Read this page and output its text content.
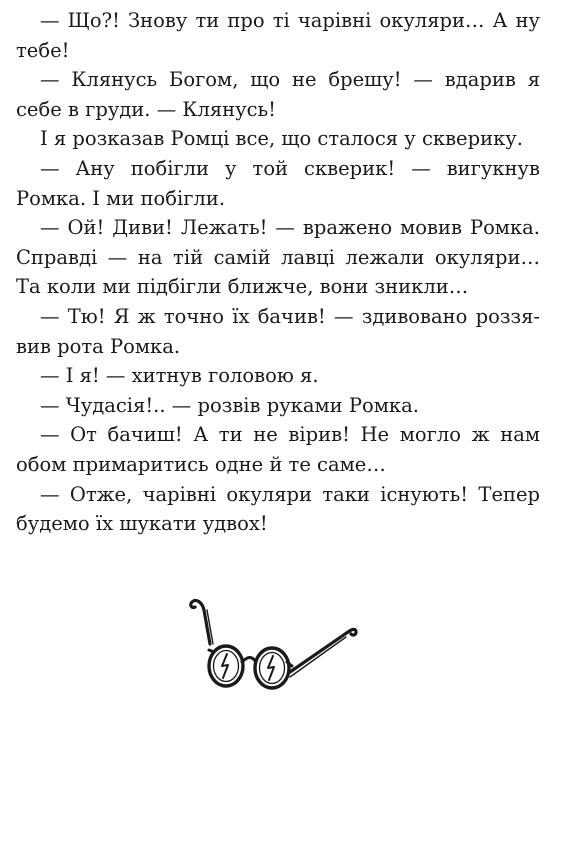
— Що?! Знову ти про ті чарівні окуляри… А ну тебе!

— Клянусь Богом, що не брешу! — вдарив я себе в груди. — Клянусь!

І я розказав Ромці все, що сталося у скверику.

— Ану побігли у той скверик! — вигукнув Ромка. І ми побігли.

— Ой! Диви! Лежать! — вражено мовив Ромка. Справді — на тій самій лавці лежали окуляри… Та коли ми підбігли ближче, вони зникли…

— Тю! Я ж точно їх бачив! — здивовано роззявив рота Ромка.

— І я! — хитнув головою я.

— Чудасія!.. — розвів руками Ромка.

— От бачиш! А ти не вірив! Не могло ж нам обом примаритись одне й те саме…

— Отже, чарівні окуляри таки існують! Тепер будемо їх шукати удвох!
